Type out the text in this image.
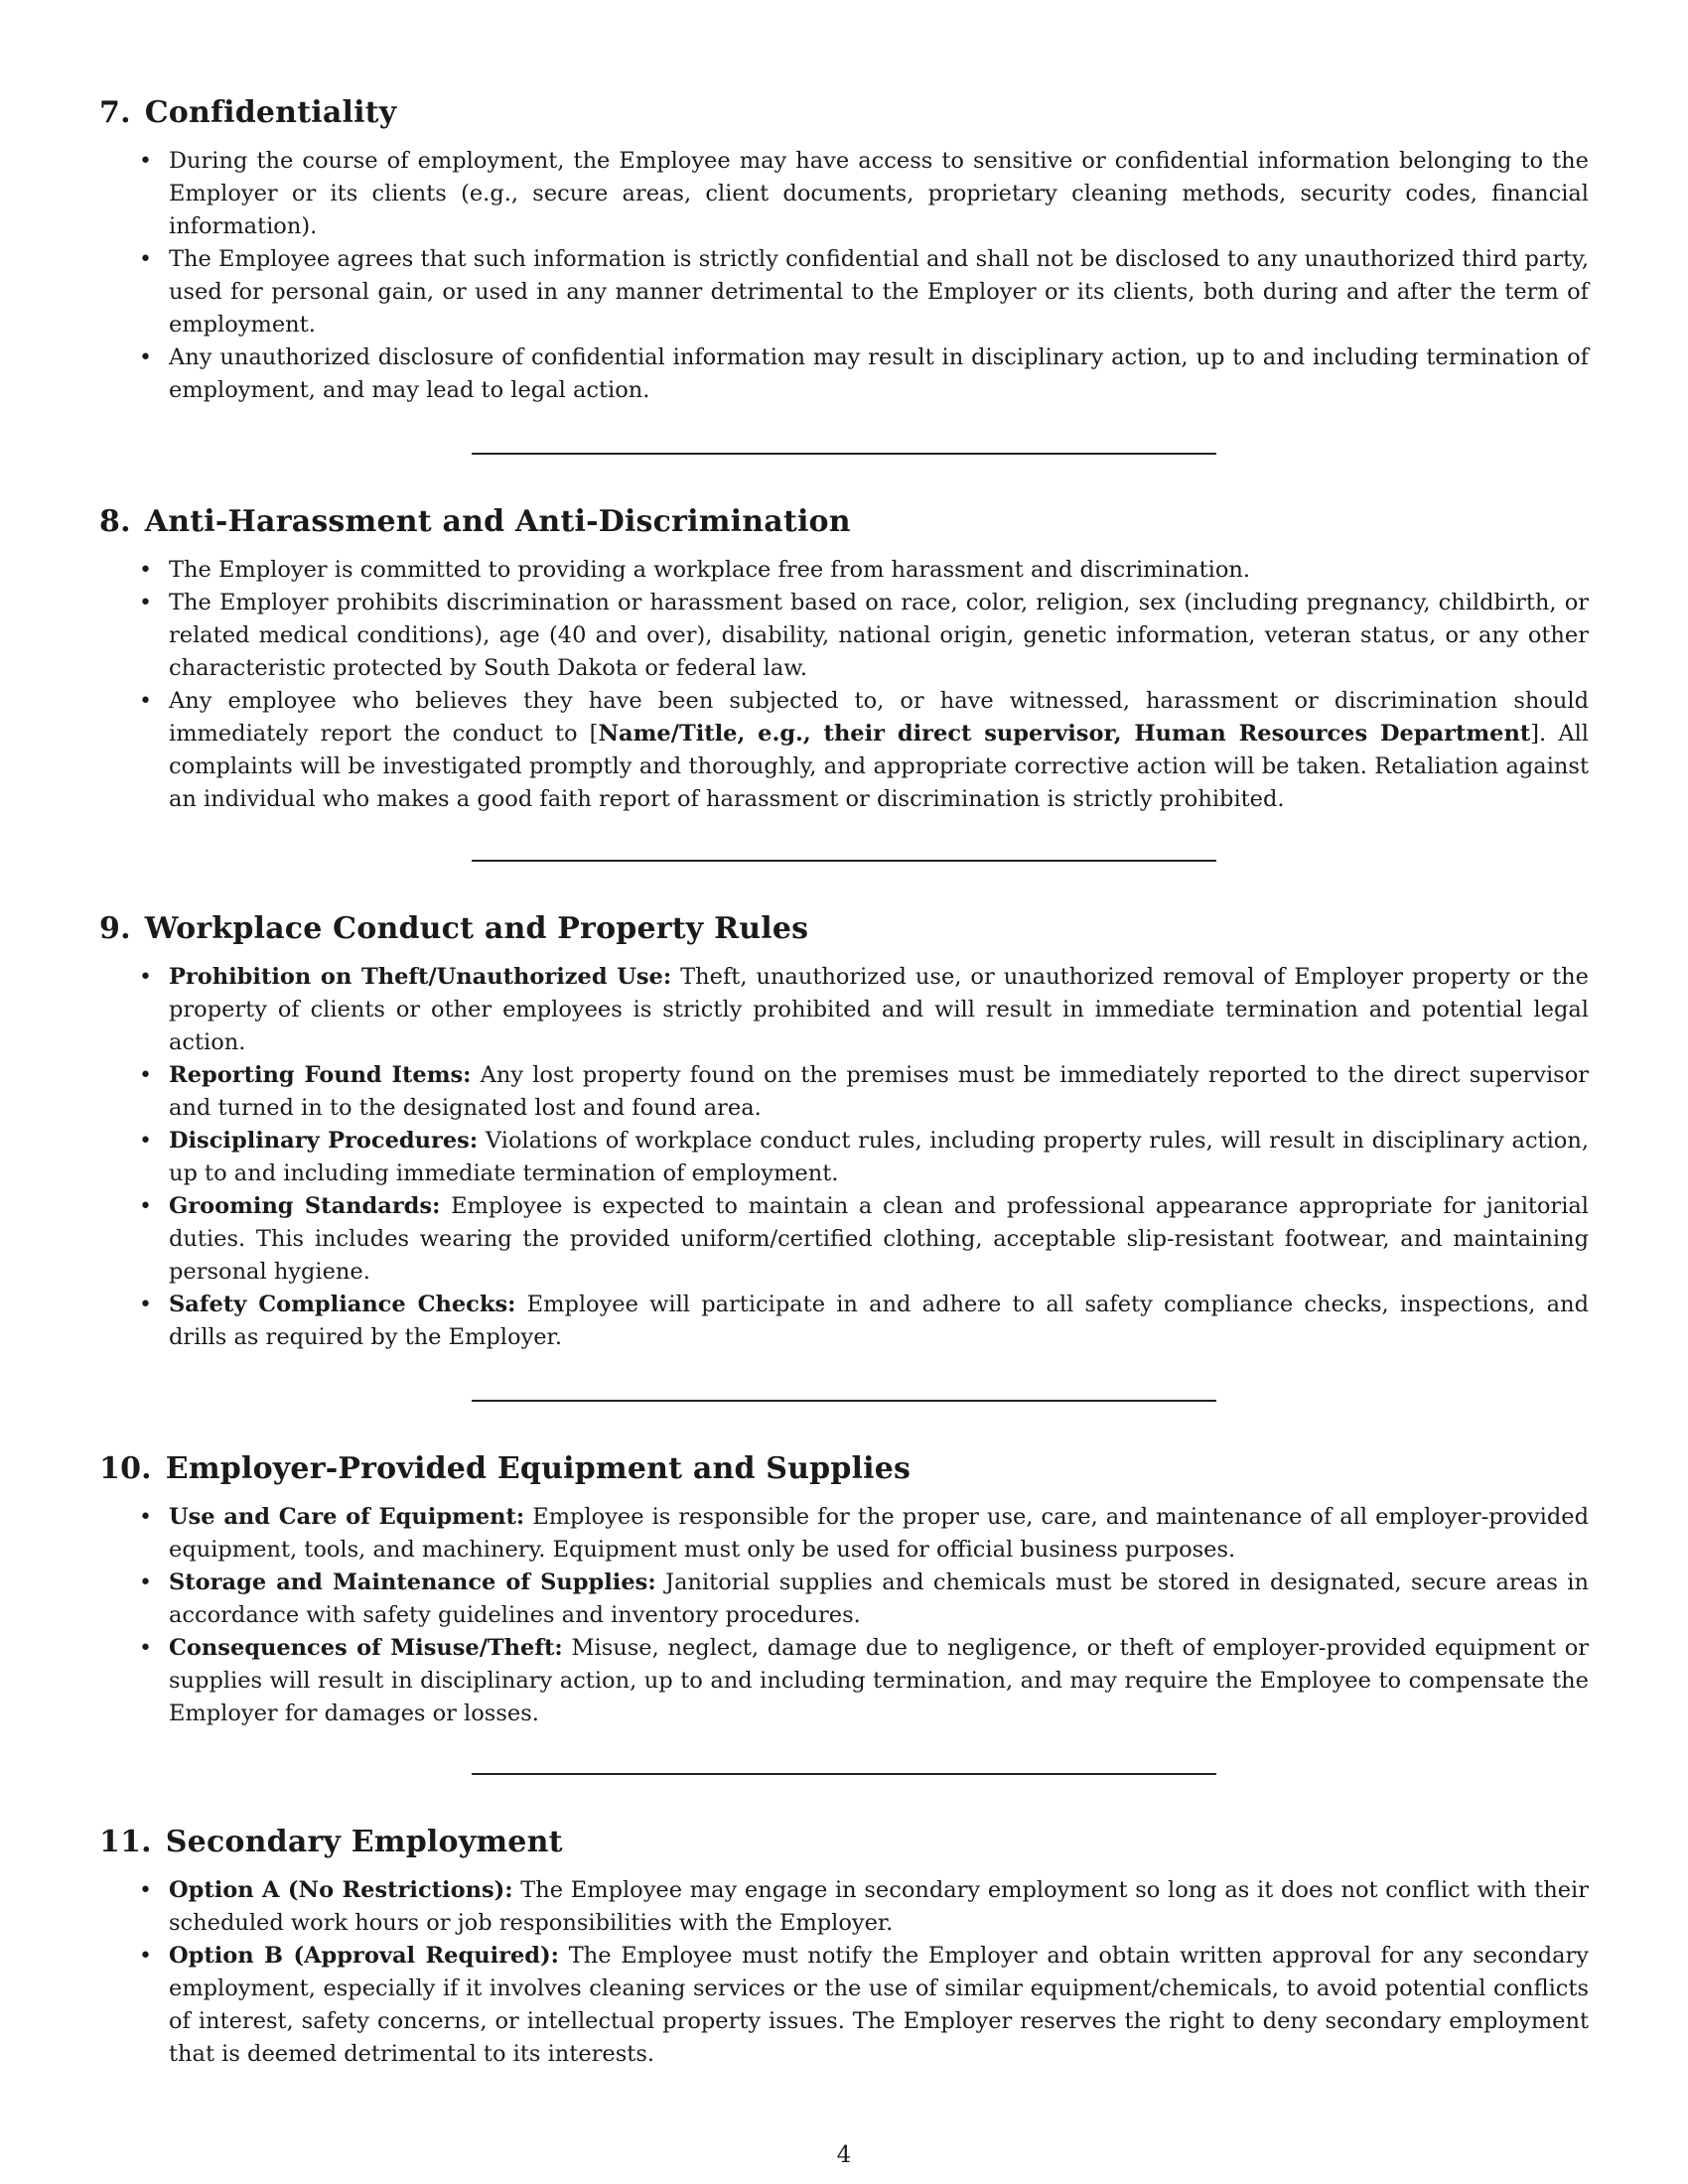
7. Confidentiality
• During the course of employment, the Employee may have access to sensitive or confidential information belonging to the Employer or its clients (e.g., secure areas, client documents, proprietary cleaning methods, security codes, financial information).
• The Employee agrees that such information is strictly confidential and shall not be disclosed to any unauthorized third party, used for personal gain, or used in any manner detrimental to the Employer or its clients, both during and after the term of employment.
• Any unauthorized disclosure of confidential information may result in disciplinary action, up to and including termination of employment, and may lead to legal action.
8. Anti-Harassment and Anti-Discrimination
• The Employer is committed to providing a workplace free from harassment and discrimination.
• The Employer prohibits discrimination or harassment based on race, color, religion, sex (including pregnancy, childbirth, or related medical conditions), age (40 and over), disability, national origin, genetic information, veteran status, or any other characteristic protected by South Dakota or federal law.
• Any employee who believes they have been subjected to, or have witnessed, harassment or discrimination should immediately report the conduct to [Name/Title, e.g., their direct supervisor, Human Resources Department]. All complaints will be investigated promptly and thoroughly, and appropriate corrective action will be taken. Retaliation against an individual who makes a good faith report of harassment or discrimination is strictly prohibited.
9. Workplace Conduct and Property Rules
• Prohibition on Theft/Unauthorized Use: Theft, unauthorized use, or unauthorized removal of Employer property or the property of clients or other employees is strictly prohibited and will result in immediate termination and potential legal action.
• Reporting Found Items: Any lost property found on the premises must be immediately reported to the direct supervisor and turned in to the designated lost and found area.
• Disciplinary Procedures: Violations of workplace conduct rules, including property rules, will result in disciplinary action, up to and including immediate termination of employment.
• Grooming Standards: Employee is expected to maintain a clean and professional appearance appropriate for janitorial duties. This includes wearing the provided uniform/certified clothing, acceptable slip-resistant footwear, and maintaining personal hygiene.
• Safety Compliance Checks: Employee will participate in and adhere to all safety compliance checks, inspections, and drills as required by the Employer.
10. Employer-Provided Equipment and Supplies
• Use and Care of Equipment: Employee is responsible for the proper use, care, and maintenance of all employer-provided equipment, tools, and machinery. Equipment must only be used for official business purposes.
• Storage and Maintenance of Supplies: Janitorial supplies and chemicals must be stored in designated, secure areas in accordance with safety guidelines and inventory procedures.
• Consequences of Misuse/Theft: Misuse, neglect, damage due to negligence, or theft of employer-provided equipment or supplies will result in disciplinary action, up to and including termination, and may require the Employee to compensate the Employer for damages or losses.
11. Secondary Employment
• Option A (No Restrictions): The Employee may engage in secondary employment so long as it does not conflict with their scheduled work hours or job responsibilities with the Employer.
• Option B (Approval Required): The Employee must notify the Employer and obtain written approval for any secondary employment, especially if it involves cleaning services or the use of similar equipment/chemicals, to avoid potential conflicts of interest, safety concerns, or intellectual property issues. The Employer reserves the right to deny secondary employment that is deemed detrimental to its interests.
4
